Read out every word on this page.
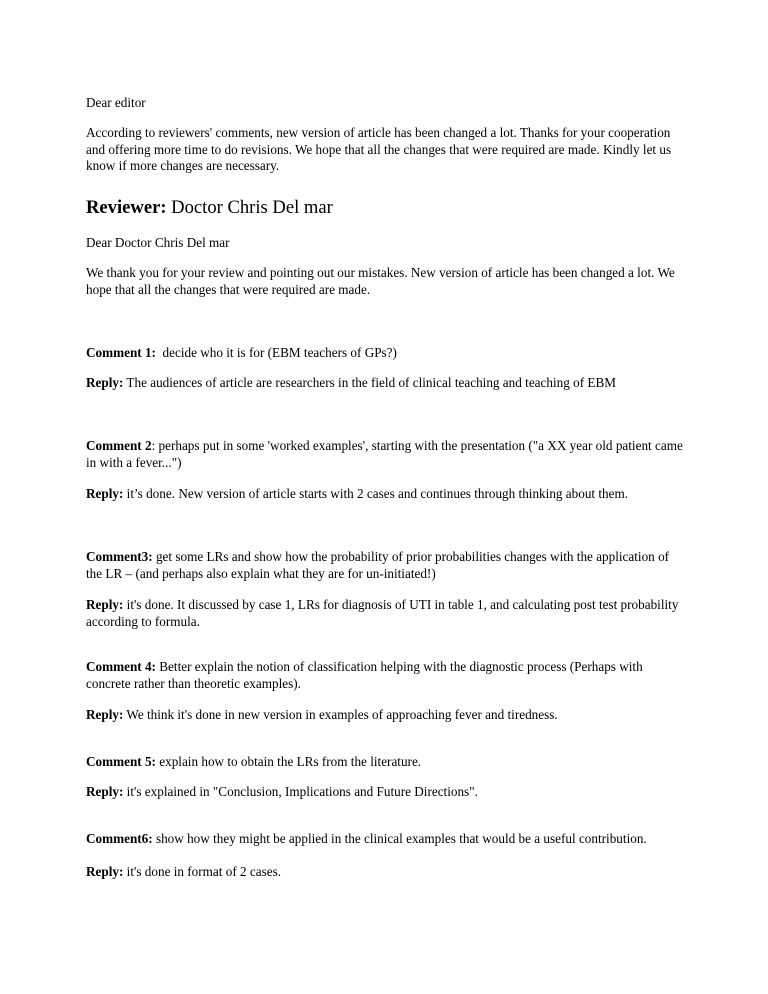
Dear editor

According to reviewers' comments, new version of article has been changed a lot. Thanks for your cooperation and offering more time to do revisions. We hope that all the changes that were required are made. Kindly let us know if more changes are necessary.

Reviewer: Doctor Chris Del mar

Dear Doctor Chris Del mar

We thank you for your review and pointing out our mistakes. New version of article has been changed a lot. We hope that all the changes that were required are made.

Comment 1:  decide who it is for (EBM teachers of GPs?)

Reply: The audiences of article are researchers in the field of clinical teaching and teaching of EBM

Comment 2: perhaps put in some 'worked examples', starting with the presentation ("a XX year old patient came in with a fever...")

Reply: it’s done. New version of article starts with 2 cases and continues through thinking about them.

Comment3: get some LRs and show how the probability of prior probabilities changes with the application of the LR – (and perhaps also explain what they are for un-initiated!)

Reply: it's done. It discussed by case 1, LRs for diagnosis of UTI in table 1, and calculating post test probability according to formula.

Comment 4: Better explain the notion of classification helping with the diagnostic process (Perhaps with concrete rather than theoretic examples).

Reply: We think it's done in new version in examples of approaching fever and tiredness.

Comment 5: explain how to obtain the LRs from the literature.

Reply: it's explained in "Conclusion, Implications and Future Directions".

Comment6: show how they might be applied in the clinical examples that would be a useful contribution.

Reply: it's done in format of 2 cases.
